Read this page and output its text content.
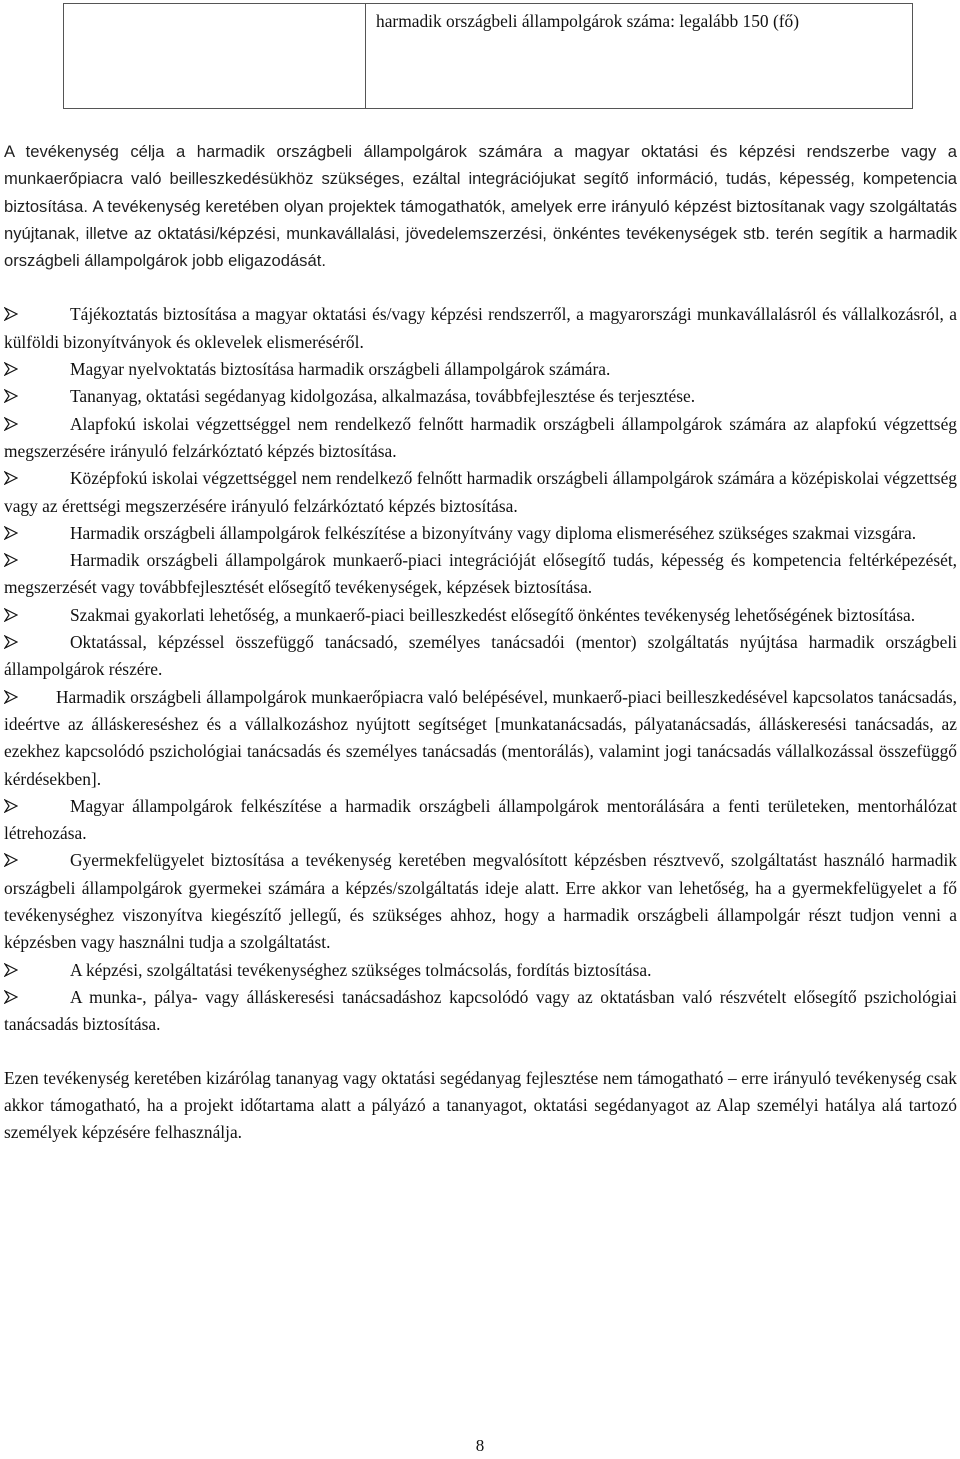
harmadik országbeli állampolgárok száma: legalább 150 (fő)

A tevékenység célja a harmadik országbeli állampolgárok számára a magyar oktatási és képzési rendszerbe vagy a munkaerőpiacra való beilleszkedésükhöz szükséges, ezáltal integrációjukat segítő információ, tudás, képesség, kompetencia biztosítása. A tevékenység keretében olyan projektek támogathatók, amelyek erre irányuló képzést biztosítanak vagy szolgáltatás nyújtanak, illetve az oktatási/képzési, munkavállalási, jövedelemszerzési, önkéntes tevékenységek stb. terén segítik a harmadik országbeli állampolgárok jobb eligazodását.

Tájékoztatás biztosítása a magyar oktatási és/vagy képzési rendszerről, a magyarországi munkavállalásról és vállalkozásról, a külföldi bizonyítványok és oklevelek elismeréséről.
Magyar nyelvoktatás biztosítása harmadik országbeli állampolgárok számára.
Tananyag, oktatási segédanyag kidolgozása, alkalmazása, továbbfejlesztése és terjesztése.
Alapfokú iskolai végzettséggel nem rendelkező felnőtt harmadik országbeli állampolgárok számára az alapfokú végzettség megszerzésére irányuló felzárkóztató képzés biztosítása.
Középfokú iskolai végzettséggel nem rendelkező felnőtt harmadik országbeli állampolgárok számára a középiskolai végzettség vagy az érettségi megszerzésére irányuló felzárkóztató képzés biztosítása.
Harmadik országbeli állampolgárok felkészítése a bizonyítvány vagy diploma elismeréséhez szükséges szakmai vizsgára.
Harmadik országbeli állampolgárok munkaerő-piaci integrációját elősegítő tudás, képesség és kompetencia feltérképezését, megszerzését vagy továbbfejlesztését elősegítő tevékenységek, képzések biztosítása.
Szakmai gyakorlati lehetőség, a munkaerő-piaci beilleszkedést elősegítő önkéntes tevékenység lehetőségének biztosítása.
Oktatással, képzéssel összefüggő tanácsadó, személyes tanácsadói (mentor) szolgáltatás nyújtása harmadik országbeli állampolgárok részére.
Harmadik országbeli állampolgárok munkaerőpiacra való belépésével, munkaerő-piaci beilleszkedésével kapcsolatos tanácsadás, ideértve az álláskereséshez és a vállalkozáshoz nyújtott segítséget [munkatanácsadás, pályatanácsadás, álláskeresési tanácsadás, az ezekhez kapcsolódó pszichológiai tanácsadás és személyes tanácsadás (mentorálás), valamint jogi tanácsadás vállalkozással összefüggő kérdésekben].
Magyar állampolgárok felkészítése a harmadik országbeli állampolgárok mentorálására a fenti területeken, mentorhálózat létrehozása.
Gyermekfelügyelet biztosítása a tevékenység keretében megvalósított képzésben résztvevő, szolgáltatást használó harmadik országbeli állampolgárok gyermekei számára a képzés/szolgáltatás ideje alatt. Erre akkor van lehetőség, ha a gyermekfelügyelet a fő tevékenységhez viszonyítva kiegészítő jellegű, és szükséges ahhoz, hogy a harmadik országbeli állampolgár részt tudjon venni a képzésben vagy használni tudja a szolgáltatást.
A képzési, szolgáltatási tevékenységhez szükséges tolmácsolás, fordítás biztosítása.
A munka-, pálya- vagy álláskeresési tanácsadáshoz kapcsolódó vagy az oktatásban való részvételt elősegítő pszichológiai tanácsadás biztosítása.

Ezen tevékenység keretében kizárólag tananyag vagy oktatási segédanyag fejlesztése nem támogatható – erre irányuló tevékenység csak akkor támogatható, ha a projekt időtartama alatt a pályázó a tananyagot, oktatási segédanyagot az Alap személyi hatálya alá tartozó személyek képzésére felhasználja.

8
